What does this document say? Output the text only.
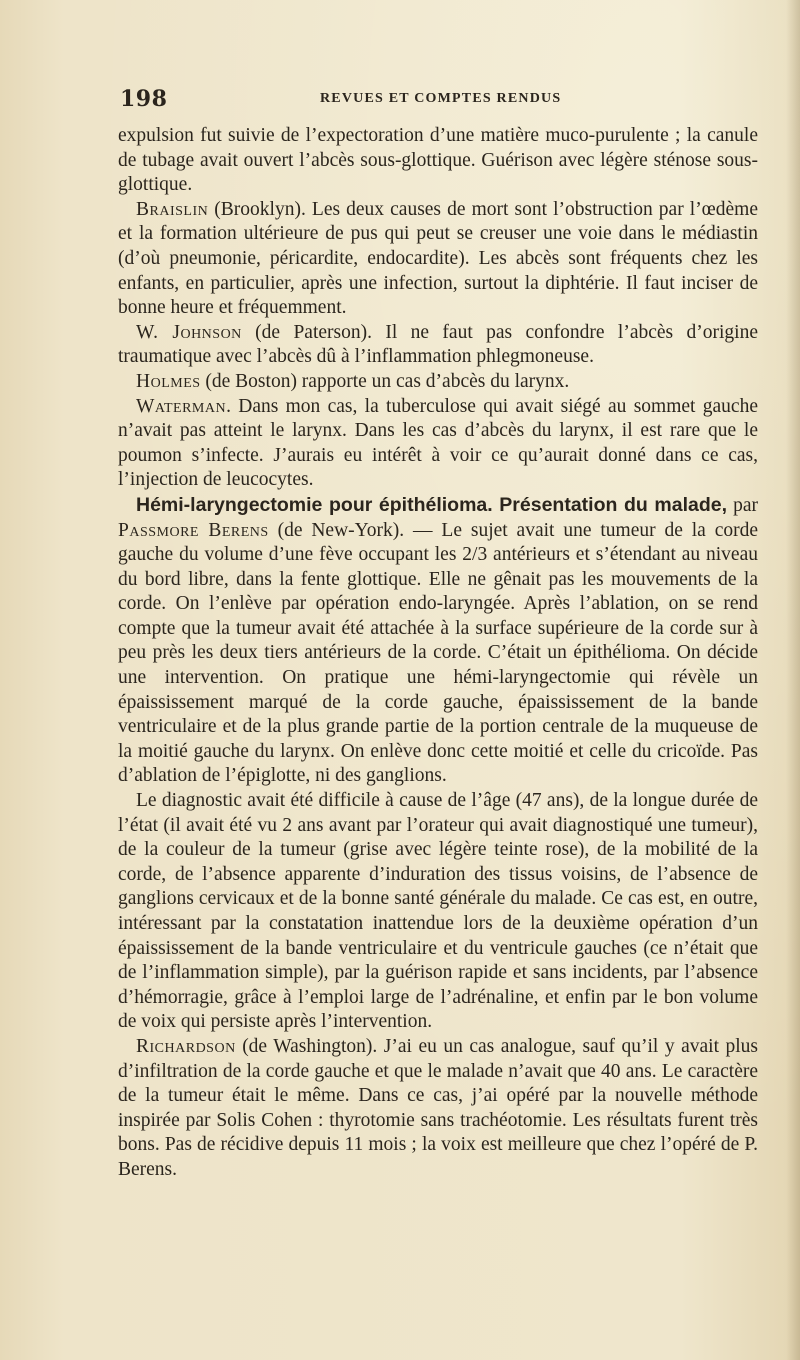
198	REVUES ET COMPTES RENDUS

expulsion fut suivie de l’expectoration d’une matière muco-purulente ; la canule de tubage avait ouvert l’abcès sous-glottique. Guérison avec légère sténose sous-glottique.

Braislin (Brooklyn). Les deux causes de mort sont l’obstruction par l’œdème et la formation ultérieure de pus qui peut se creuser une voie dans le médiastin (d’où pneumonie, péricardite, endocardite). Les abcès sont fréquents chez les enfants, en particulier, après une infection, surtout la diphtérie. Il faut inciser de bonne heure et fréquemment.

W. Johnson (de Paterson). Il ne faut pas confondre l’abcès d’origine traumatique avec l’abcès dû à l’inflammation phlegmoneuse.

Holmes (de Boston) rapporte un cas d’abcès du larynx.

Waterman. Dans mon cas, la tuberculose qui avait siégé au sommet gauche n’avait pas atteint le larynx. Dans les cas d’abcès du larynx, il est rare que le poumon s’infecte. J’aurais eu intérêt à voir ce qu’aurait donné dans ce cas, l’injection de leucocytes.

Hémi-laryngectomie pour épithélioma. Présentation du malade, par Passmore Berens (de New-York). — Le sujet avait une tumeur de la corde gauche du volume d’une fève occupant les 2/3 antérieurs et s’étendant au niveau du bord libre, dans la fente glottique. Elle ne gênait pas les mouvements de la corde. On l’enlève par opération endo-laryngée. Après l’ablation, on se rend compte que la tumeur avait été attachée à la surface supérieure de la corde sur à peu près les deux tiers antérieurs de la corde. C’était un épithélioma. On décide une intervention. On pratique une hémi-laryngectomie qui révèle un épaississement marqué de la corde gauche, épaississement de la bande ventriculaire et de la plus grande partie de la portion centrale de la muqueuse de la moitié gauche du larynx. On enlève donc cette moitié et celle du cricoïde. Pas d’ablation de l’épiglotte, ni des ganglions.

Le diagnostic avait été difficile à cause de l’âge (47 ans), de la longue durée de l’état (il avait été vu 2 ans avant par l’orateur qui avait diagnostiqué une tumeur), de la couleur de la tumeur (grise avec légère teinte rose), de la mobilité de la corde, de l’absence apparente d’induration des tissus voisins, de l’absence de ganglions cervicaux et de la bonne santé générale du malade. Ce cas est, en outre, intéressant par la constatation inattendue lors de la deuxième opération d’un épaississement de la bande ventriculaire et du ventricule gauches (ce n’était que de l’inflammation simple), par la guérison rapide et sans incidents, par l’absence d’hémorragie, grâce à l’emploi large de l’adrénaline, et enfin par le bon volume de voix qui persiste après l’intervention.

Richardson (de Washington). J’ai eu un cas analogue, sauf qu’il y avait plus d’infiltration de la corde gauche et que le malade n’avait que 40 ans. Le caractère de la tumeur était le même. Dans ce cas, j’ai opéré par la nouvelle méthode inspirée par Solis Cohen : thyrotomie sans trachéotomie. Les résultats furent très bons. Pas de récidive depuis 11 mois ; la voix est meilleure que chez l’opéré de P. Berens.
